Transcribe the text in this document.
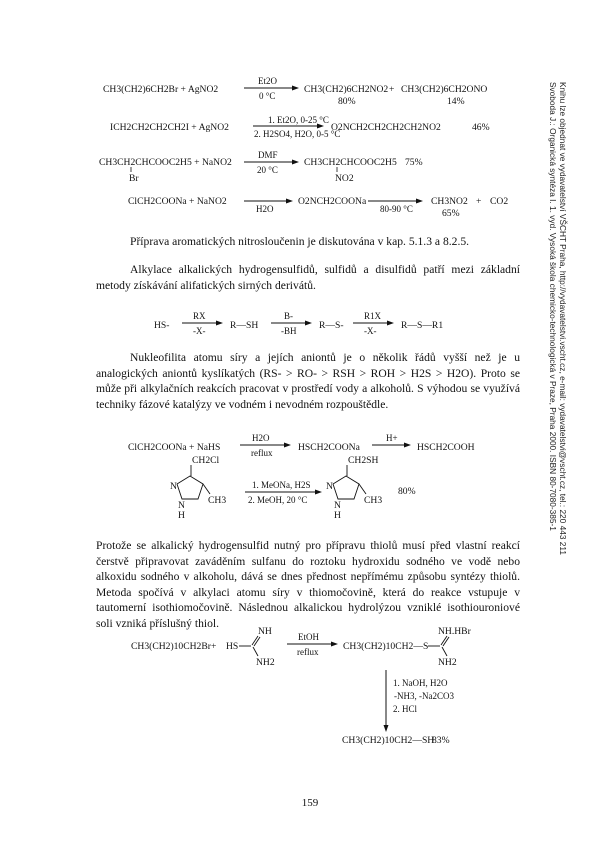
CH3(CH2)6CH2Br + AgNO2
Et2O
0 °C
CH3(CH2)6CH2NO2 + CH3(CH2)6CH2ONO
80%	14%
ICH2CH2CH2CH2I + AgNO2
1. Et2O, 0-25 °C
2. H2SO4, H2O, 0-5 °C
O2NCH2CH2CH2CH2NO2	46%
CH3CH2CHCOOC2H5 + NaNO2
Br
DMF
20 °C
CH3CH2CHCOOC2H5
NO2
75%
ClCH2COONa + NaNO2
H2O
O2NCH2COONa
80-90 °C
CH3NO2 + CO2
65%

Příprava aromatických nitrosloučenin je diskutována v kap. 5.1.3 a 8.2.5.

Alkylace alkalických hydrogensulfidů, sulfidů a disulfidů patří mezi základní metody získávání alifatických sirných derivátů.

HS-
RX
-X-	R—SH
B-
-BH R—S-
R1X
-X-	R—S—R1

Nukleofilita atomu síry a jejích aniontů je o několik řádů vyšší než je u analogických aniontů kyslíkatých (RS- > RO- > RSH > ROH > H2S > H2O). Proto se může při alkylačních reakcích pracovat v prostředí vody a alkoholů. S výhodou se využívá techniky fázové katalýzy ve vodném i nevodném rozpouštědle.

ClCH2COONa + NaHS
H2O
reflux	HSCH2COONa
H+
HSCH2COOH
N
N
H
CH2Cl
CH3
1. MeONa, H2S
2. MeOH, 20 °C
N
N
H
CH2SH
CH3
80%

Protože se alkalický hydrogensulfid nutný pro přípravu thiolů musí před vlastní reakcí čerstvě připravovat zaváděním sulfanu do roztoku hydroxidu sodného ve vodě nebo alkoxidu sodného v alkoholu, dává se dnes přednost nepřímému způsobu syntézy thiolů. Metoda spočívá v alkylaci atomu síry v thiomočovině, která do reakce vstupuje v tautomerní isothiomočovině. Následnou alkalickou hydrolýzou vzniklé isothiouroniové soli vzniká příslušný thiol.

CH3(CH2)10CH2Br + HS
NH
NH2
EtOH
reflux	CH3(CH2)10CH2—S
NH.HBr
NH2
1. NaOH, H2O
-NH3, -Na2CO3
2. HCl
CH3(CH2)10CH2—SH
83%
159
Svoboda J.: Organická syntéza I. 1. vyd. Vysoká škola chemicko-technologická v Praze, Praha 2000. ISBN 80-7080-385-1 Knihu lze objednat ve vydavatelství VŠCHT Praha, http://vydavatelstvi.vscht.cz, e-mail: vydavatelstvi@vscht.cz, tel.: 220 443 211
